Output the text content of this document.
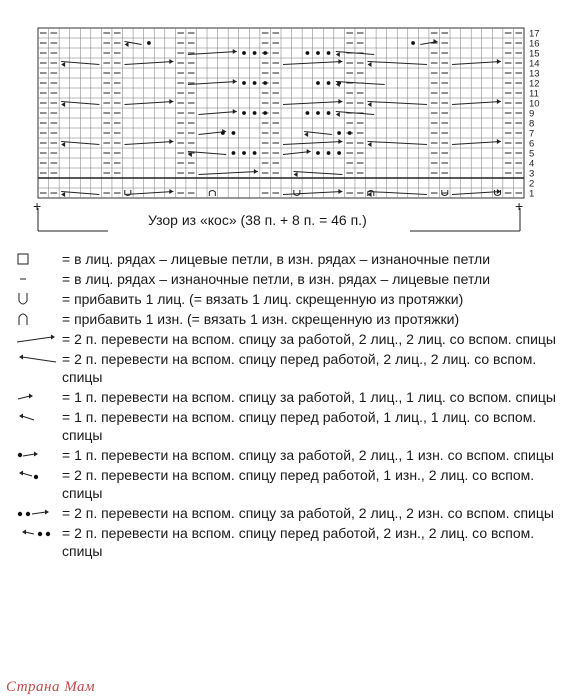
1
2
3
4
5
6
7
8
9
10
11
12
13
14
15
16
17
+	+
Узор из «кос» (38 п. + 8 п. = 46 п.)
= в лиц. рядах – лицевые петли, в изн. рядах – изнаночные петли
= в лиц. рядах – изнаночные петли, в изн. рядах – лицевые петли
= прибавить 1 лиц. (= вязать 1 лиц. скрещенную из протяжки)
= прибавить 1 изн. (= вязать 1 изн. скрещенную из протяжки)
= 2 п. перевести на вспом. спицу за работой, 2 лиц., 2 лиц. со вспом. спицы
= 2 п. перевести на вспом. спицу перед работой, 2 лиц., 2 лиц. со вспом. спицы
= 1 п. перевести на вспом. спицу за работой, 1 лиц., 1 лиц. со вспом. спицы
= 1 п. перевести на вспом. спицу перед работой, 1 лиц., 1 лиц. со вспом. спицы
= 1 п. перевести на вспом. спицу за работой, 2 лиц., 1 изн. со вспом. спицы
= 2 п. перевести на вспом. спицу перед работой, 1 изн., 2 лиц. со вспом. спицы
= 2 п. перевести на вспом. спицу за работой, 2 лиц., 2 изн. со вспом. спицы
= 2 п. перевести на вспом. спицу перед работой, 2 изн., 2 лиц. со вспом. спицы
Страна Мам
